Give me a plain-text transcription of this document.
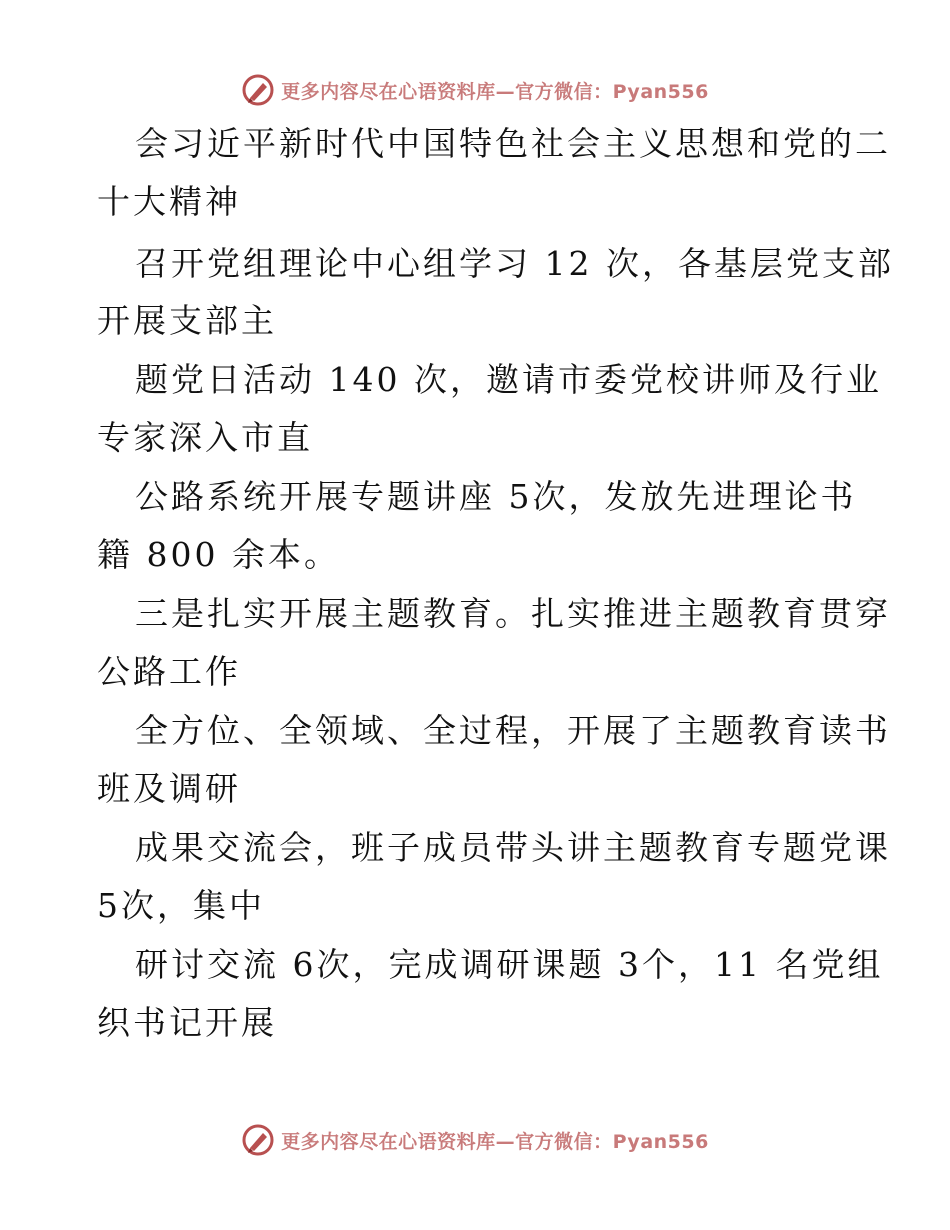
更多内容尽在心语资料库—官方微信：Pyan556
会习近平新时代中国特色社会主义思想和党的二
十大精神
召开党组理论中心组学习 12 次，各基层党支部
开展支部主
题党日活动 140 次，邀请市委党校讲师及行业
专家深入市直
公路系统开展专题讲座 5次，发放先进理论书
籍 800 余本。
三是扎实开展主题教育。扎实推进主题教育贯穿
公路工作
全方位、全领域、全过程，开展了主题教育读书
班及调研
成果交流会，班子成员带头讲主题教育专题党课
5次，集中
研讨交流 6次，完成调研课题 3个，11 名党组
织书记开展
更多内容尽在心语资料库—官方微信：Pyan556
